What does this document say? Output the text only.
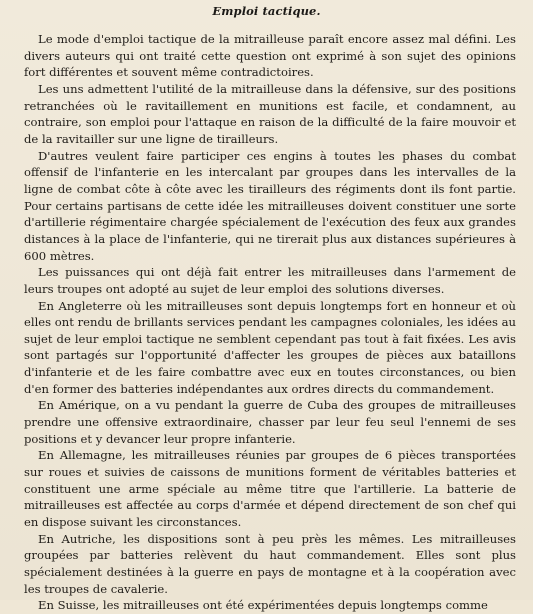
Emploi tactique.

Le mode d'emploi tactique de la mitrailleuse paraît encore assez mal défini. Les divers auteurs qui ont traité cette question ont exprimé à son sujet des opinions fort différentes et souvent même contradictoires.

Les uns admettent l'utilité de la mitrailleuse dans la défensive, sur des positions retranchées où le ravitaillement en munitions est facile, et condamnent, au contraire, son emploi pour l'attaque en raison de la difficulté de la faire mouvoir et de la ravitailler sur une ligne de tirailleurs.

D'autres veulent faire participer ces engins à toutes les phases du combat offensif de l'infanterie en les intercalant par groupes dans les intervalles de la ligne de combat côte à côte avec les tirailleurs des régiments dont ils font partie. Pour certains partisans de cette idée les mitrailleuses doivent constituer une sorte d'artillerie régimentaire chargée spécialement de l'exécution des feux aux grandes distances à la place de l'infanterie, qui ne tirerait plus aux distances supérieures à 600 mètres.

Les puissances qui ont déjà fait entrer les mitrailleuses dans l'armement de leurs troupes ont adopté au sujet de leur emploi des solutions diverses.

En Angleterre où les mitrailleuses sont depuis longtemps fort en honneur et où elles ont rendu de brillants services pendant les campagnes coloniales, les idées au sujet de leur emploi tactique ne semblent cependant pas tout à fait fixées. Les avis sont partagés sur l'opportunité d'affecter les groupes de pièces aux bataillons d'infanterie et de les faire combattre avec eux en toutes circonstances, ou bien d'en former des batteries indépendantes aux ordres directs du commandement.

En Amérique, on a vu pendant la guerre de Cuba des groupes de mitrailleuses prendre une offensive extraordinaire, chasser par leur feu seul l'ennemi de ses positions et y devancer leur propre infanterie.

En Allemagne, les mitrailleuses réunies par groupes de 6 pièces transportées sur roues et suivies de caissons de munitions forment de véritables batteries et constituent une arme spéciale au même titre que l'artillerie. La batterie de mitrailleuses est affectée au corps d'armée et dépend directement de son chef qui en dispose suivant les circonstances.

En Autriche, les dispositions sont à peu près les mêmes. Les mitrailleuses groupées par batteries relèvent du haut commandement. Elles sont plus spécialement destinées à la guerre en pays de montagne et à la coopération avec les troupes de cavalerie.

En Suisse, les mitrailleuses ont été expérimentées depuis longtemps comme
